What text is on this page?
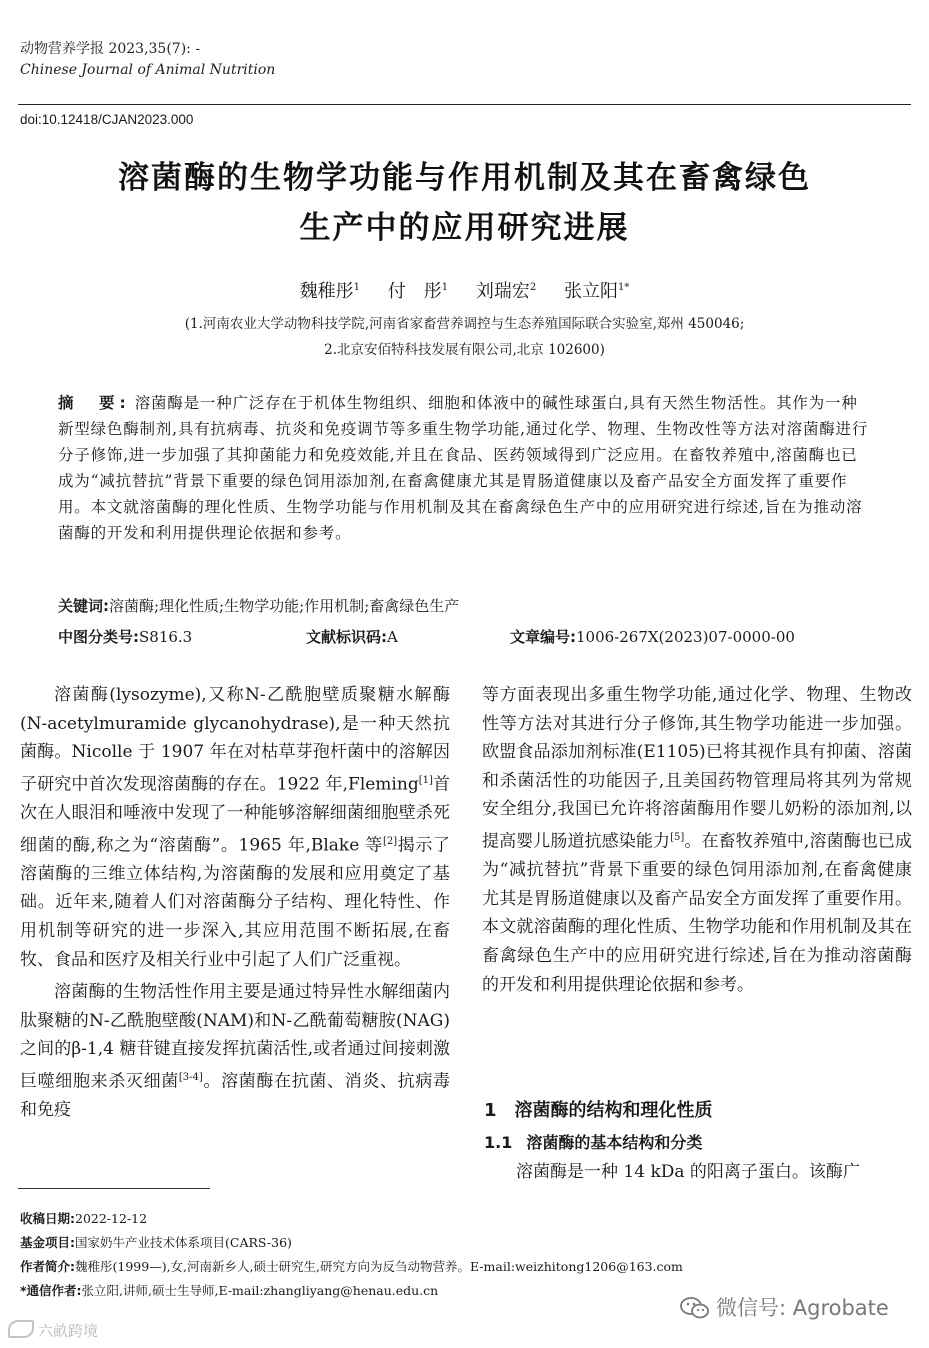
动物营养学报 2023,35(7): -
Chinese Journal of Animal Nutrition
doi:10.12418/CJAN2023.000
溶菌酶的生物学功能与作用机制及其在畜禽绿色
生产中的应用研究进展
魏稚彤$^1$ 付　彤$^1$ 刘瑞宏$^2$ 张立阳$^{1*}$
(1.河南农业大学动物科技学院,河南省家畜营养调控与生态养殖国际联合实验室,郑州 450046;
2.北京安佰特科技发展有限公司,北京 102600)
摘　要: 溶菌酶是一种广泛存在于机体生物组织、细胞和体液中的碱性球蛋白,具有天然生物活性。其作为一种新型绿色酶制剂,具有抗病毒、抗炎和免疫调节等多重生物学功能,通过化学、物理、生物改性等方法对溶菌酶进行分子修饰,进一步加强了其抑菌能力和免疫效能,并且在食品、医药领域得到广泛应用。在畜牧养殖中,溶菌酶也已成为“减抗替抗”背景下重要的绿色饲用添加剂,在畜禽健康尤其是胃肠道健康以及畜产品安全方面发挥了重要作用。本文就溶菌酶的理化性质、生物学功能与作用机制及其在畜禽绿色生产中的应用研究进行综述,旨在为推动溶菌酶的开发和利用提供理论依据和参考。
关键词:溶菌酶;理化性质;生物学功能;作用机制;畜禽绿色生产
中图分类号:S816.3	文献标识码:A	文章编号:1006-267X(2023)07-0000-00

溶菌酶(lysozyme),又称N-乙酰胞壁质聚糖水解酶(N-acetylmuramide glycanohydrase),是一种天然抗菌酶。Nicolle 于 1907 年在对枯草芽孢杆菌中的溶解因子研究中首次发现溶菌酶的存在。1922 年,Fleming[1]首次在人眼泪和唾液中发现了一种能够溶解细菌细胞壁杀死细菌的酶,称之为“溶菌酶”。1965 年,Blake 等[2]揭示了溶菌酶的三维立体结构,为溶菌酶的发展和应用奠定了基础。近年来,随着人们对溶菌酶分子结构、理化特性、作用机制等研究的进一步深入,其应用范围不断拓展,在畜牧、食品和医疗及相关行业中引起了人们广泛重视。

溶菌酶的生物活性作用主要是通过特异性水解细菌内肽聚糖的N-乙酰胞壁酸(NAM)和N-乙酰葡萄糖胺(NAG)之间的β-1,4 糖苷键直接发挥抗菌活性,或者通过间接刺激巨噬细胞来杀灭细菌[3-4]。溶菌酶在抗菌、消炎、抗病毒和免疫

等方面表现出多重生物学功能,通过化学、物理、生物改性等方法对其进行分子修饰,其生物学功能进一步加强。欧盟食品添加剂标准(E1105)已将其视作具有抑菌、溶菌和杀菌活性的功能因子,且美国药物管理局将其列为常规安全组分,我国已允许将溶菌酶用作婴儿奶粉的添加剂,以提高婴儿肠道抗感染能力[5]。在畜牧养殖中,溶菌酶也已成为“减抗替抗”背景下重要的绿色饲用添加剂,在畜禽健康尤其是胃肠道健康以及畜产品安全方面发挥了重要作用。本文就溶菌酶的理化性质、生物学功能和作用机制及其在畜禽绿色生产中的应用研究进行综述,旨在为推动溶菌酶的开发和利用提供理论依据和参考。

1 溶菌酶的结构和理化性质
1.1 溶菌酶的基本结构和分类
溶菌酶是一种 14 kDa 的阳离子蛋白。该酶广
收稿日期:2022-12-12
基金项目:国家奶牛产业技术体系项目(CARS-36)
作者简介:魏稚彤(1999—),女,河南新乡人,硕士研究生,研究方向为反刍动物营养。E-mail:weizhitong1206@163.com
*通信作者:张立阳,讲师,硕士生导师,E-mail:zhangliyang@henau.edu.cn
六畝跨境
微信号: Agrobate
